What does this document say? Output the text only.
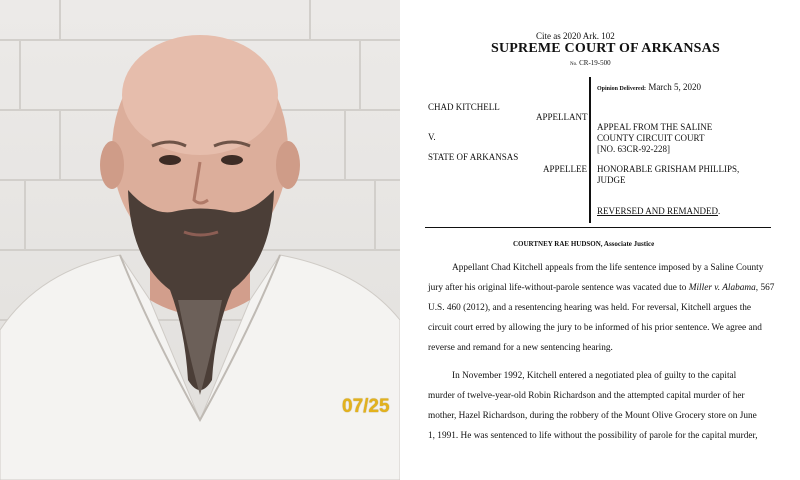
07/25
Cite as 2020 Ark. 102
SUPREME COURT OF ARKANSAS
No. CR-19-500
CHAD KITCHELL
APPELLANT
V.
STATE OF ARKANSAS
APPELLEE
Opinion Delivered: March 5, 2020
APPEAL FROM THE SALINE
COUNTY CIRCUIT COURT
[NO. 63CR-92-228]
HONORABLE GRISHAM PHILLIPS,
JUDGE
REVERSED AND REMANDED.
COURTNEY RAE HUDSON, Associate Justice
Appellant Chad Kitchell appeals from the life sentence imposed by a Saline County
jury after his original life-without-parole sentence was vacated due to Miller v. Alabama, 567
U.S. 460 (2012), and a resentencing hearing was held. For reversal, Kitchell argues the
circuit court erred by allowing the jury to be informed of his prior sentence. We agree and
reverse and remand for a new sentencing hearing.
In November 1992, Kitchell entered a negotiated plea of guilty to the capital
murder of twelve-year-old Robin Richardson and the attempted capital murder of her
mother, Hazel Richardson, during the robbery of the Mount Olive Grocery store on June
1, 1991. He was sentenced to life without the possibility of parole for the capital murder,
